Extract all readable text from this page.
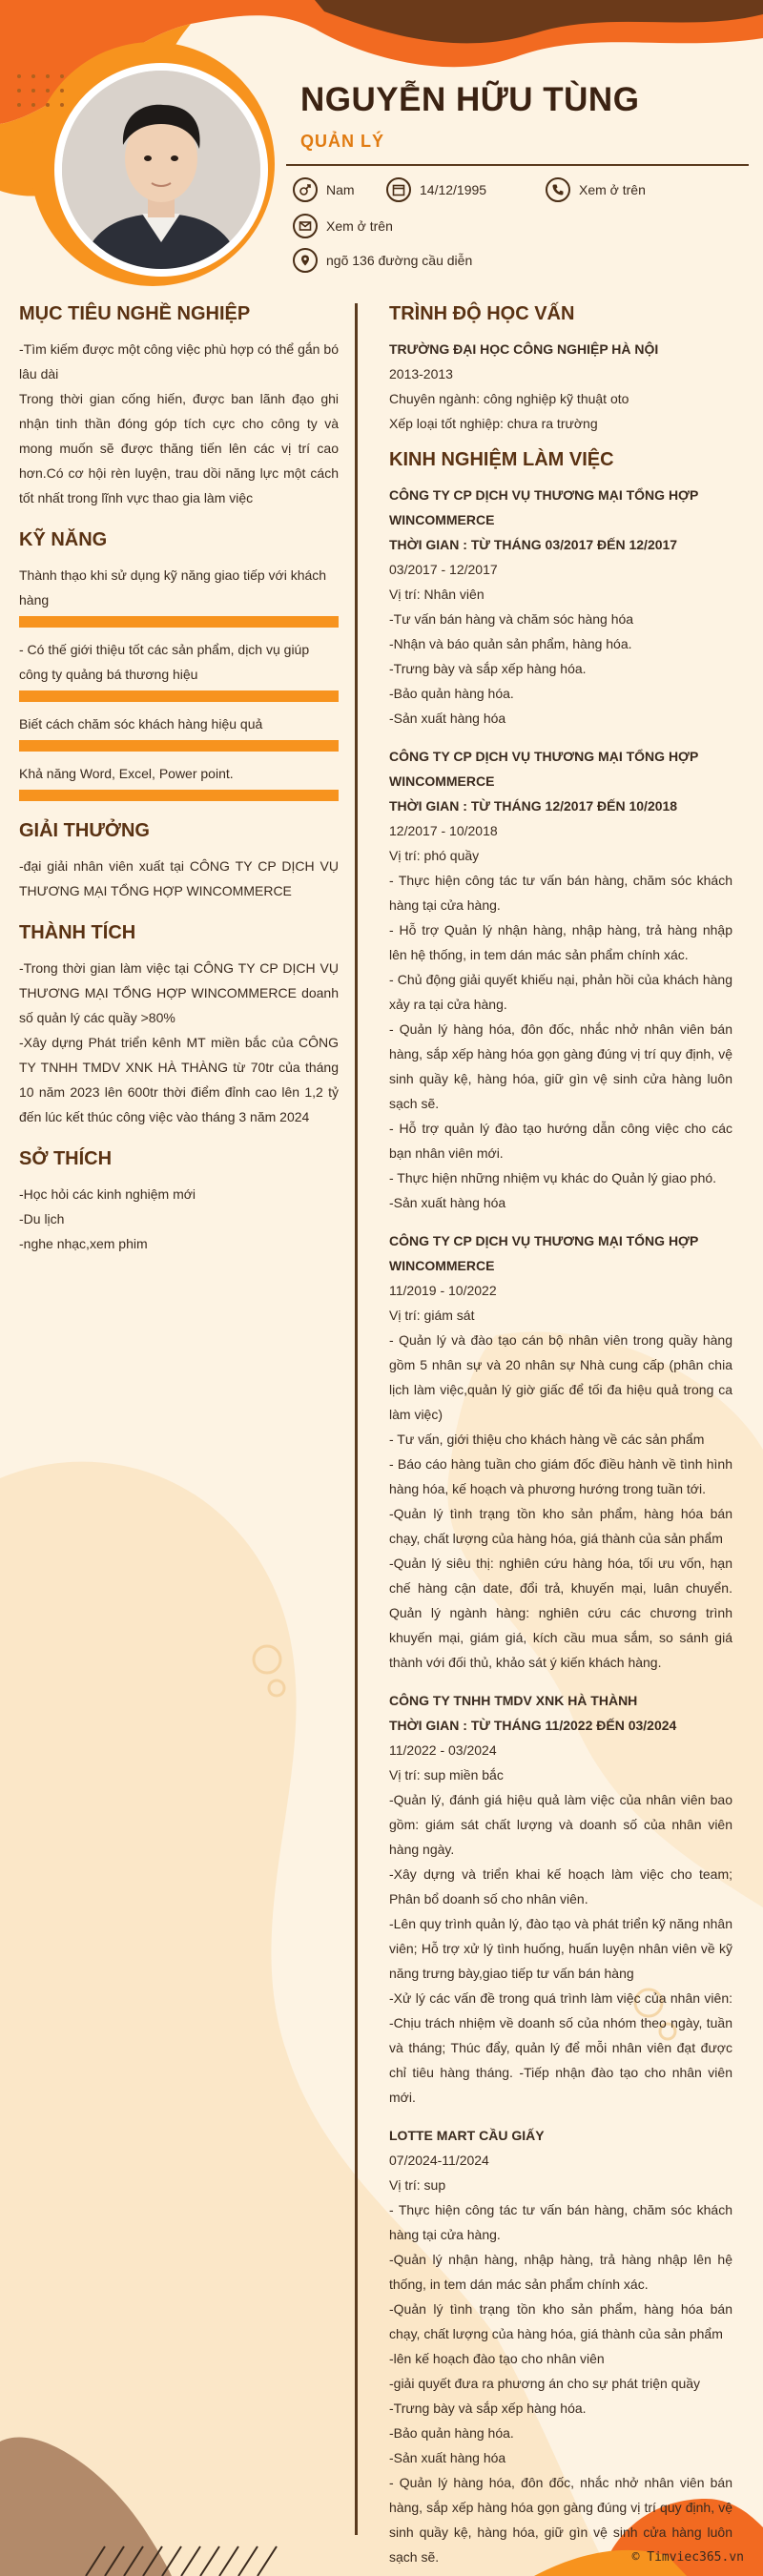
NGUYỄN HỮU TÙNG
QUẢN LÝ
Nam	14/12/1995	Xem ở trên
Xem ở trên
ngõ 136 đường cầu diễn
MỤC TIÊU NGHỀ NGHIỆP

-Tìm kiếm được một công việc phù hợp có thể gắn bó lâu dài

Trong thời gian cống hiến, được ban lãnh đạo ghi nhận tinh thần đóng góp tích cực cho công ty và mong muốn sẽ được thăng tiến lên các vị trí cao hơn.Có cơ hội rèn luyện, trau dồi năng lực một cách tốt nhất trong lĩnh vực thao gia làm việc

KỸ NĂNG
Thành thạo khi sử dụng kỹ năng giao tiếp với khách hàng
- Có thế giới thiệu tốt các sản phẩm, dịch vụ giúp công ty quảng bá thương hiệu
Biết cách chăm sóc khách hàng hiệu quả
Khả năng Word, Excel, Power point.
GIẢI THƯỞNG

-đại giải nhân viên xuất tại CÔNG TY CP DỊCH VỤ THƯƠNG MẠI TỔNG HỢP WINCOMMERCE

THÀNH TÍCH

-Trong thời gian làm việc tại CÔNG TY CP DỊCH VỤ THƯƠNG MẠI TỔNG HỢP WINCOMMERCE doanh số quản lý các quầy >80%

-Xây dựng Phát triển kênh MT miền bắc của CÔNG TY TNHH TMDV XNK HÀ THÀNG từ 70tr của tháng 10 năm 2023 lên 600tr thời điểm đỉnh cao lên 1,2 tỷ đến lúc kết thúc công việc vào tháng 3 năm 2024

SỞ THÍCH

-Học hỏi các kinh nghiệm mới

-Du lịch

-nghe nhạc,xem phim

TRÌNH ĐỘ HỌC VẤN
TRƯỜNG ĐẠI HỌC CÔNG NGHIỆP HÀ NỘI

2013-2013

Chuyên ngành: công nghiệp kỹ thuật oto

Xếp loại tốt nghiệp: chưa ra trường

KINH NGHIỆM LÀM VIỆC
CÔNG TY CP DỊCH VỤ THƯƠNG MẠI TỔNG HỢP WINCOMMERCE
THỜI GIAN : TỪ THÁNG 03/2017 ĐẾN 12/2017

03/2017 - 12/2017

Vị trí: Nhân viên

-Tư vấn bán hàng và chăm sóc hàng hóa

-Nhận và báo quản sản phẩm, hàng hóa.

-Trưng bày và sắp xếp hàng hóa.

-Bảo quản hàng hóa.

-Sản xuất hàng hóa

CÔNG TY CP DỊCH VỤ THƯƠNG MẠI TỔNG HỢP WINCOMMERCE
THỜI GIAN : TỪ THÁNG 12/2017 ĐẾN 10/2018

12/2017 - 10/2018

Vị trí: phó quầy

- Thực hiện công tác tư vấn bán hàng, chăm sóc khách hàng tại cửa hàng.

- Hỗ trợ Quản lý nhận hàng, nhập hàng, trả hàng nhập lên hệ thống, in tem dán mác sản phẩm chính xác.

- Chủ động giải quyết khiếu nại, phản hồi của khách hàng xảy ra tại cửa hàng.

- Quản lý hàng hóa, đôn đốc, nhắc nhở nhân viên bán hàng, sắp xếp hàng hóa gọn gàng đúng vị trí quy định, vệ sinh quầy kệ, hàng hóa, giữ gìn vệ sinh cửa hàng luôn sạch sẽ.

- Hỗ trợ quản lý đào tạo hướng dẫn công việc cho các bạn nhân viên mới.

- Thực hiện những nhiệm vụ khác do Quản lý giao phó.

-Sản xuất hàng hóa

CÔNG TY CP DỊCH VỤ THƯƠNG MẠI TỔNG HỢP WINCOMMERCE

11/2019 - 10/2022

Vị trí: giám sát

- Quản lý và đào tạo cán bộ nhân viên trong quầy hàng gồm 5 nhân sự và 20 nhân sự Nhà cung cấp (phân chia lịch làm việc,quản lý giờ giấc để tối đa hiệu quả trong ca làm việc)

- Tư vấn, giới thiệu cho khách hàng về các sản phẩm

- Báo cáo hàng tuần cho giám đốc điều hành về tình hình hàng hóa, kế hoạch và phương hướng trong tuần tới.

-Quản lý tình trạng tồn kho sản phẩm, hàng hóa bán chạy, chất lượng của hàng hóa, giá thành của sản phẩm

-Quản lý siêu thị: nghiên cứu hàng hóa, tối ưu vốn, hạn chế hàng cận date, đổi trả, khuyến mại, luân chuyển. Quản lý ngành hàng: nghiên cứu các chương trình khuyến mại, giám giá, kích cầu mua sắm, so sánh giá thành với đối thủ, khảo sát ý kiến khách hàng.

CÔNG TY TNHH TMDV XNK HÀ THÀNH
THỜI GIAN : TỪ THÁNG 11/2022 ĐẾN 03/2024

11/2022 - 03/2024

Vị trí: sup miền bắc

-Quản lý, đánh giá hiệu quả làm việc của nhân viên bao gồm: giám sát chất lượng và doanh số của nhân viên hàng ngày.

-Xây dựng và triển khai kế hoạch làm việc cho team; Phân bổ doanh số cho nhân viên.

-Lên quy trình quản lý, đào tạo và phát triển kỹ năng nhân viên; Hỗ trợ xử lý tình huống, huấn luyện nhân viên về kỹ năng trưng bày,giao tiếp tư vấn bán hàng

-Xử lý các vấn đề trong quá trình làm việc của nhân viên: -Chịu trách nhiệm về doanh số của nhóm theo ngày, tuần và tháng; Thúc đẩy, quản lý để mỗi nhân viên đạt được chỉ tiêu hàng tháng. -Tiếp nhận đào tạo cho nhân viên mới.

LOTTE MART CẦU GIẤY

07/2024-11/2024

Vị trí: sup

- Thực hiện công tác tư vấn bán hàng, chăm sóc khách hàng tại cửa hàng.

-Quản lý nhận hàng, nhập hàng, trả hàng nhập lên hệ thống, in tem dán mác sản phẩm chính xác.

-Quản lý tình trạng tồn kho sản phẩm, hàng hóa bán chạy, chất lượng của hàng hóa, giá thành của sản phẩm

-lên kế hoạch đào tạo cho nhân viên

-giải quyết đưa ra phương án cho sự phát triện quầy

-Trưng bày và sắp xếp hàng hóa.

-Bảo quản hàng hóa.

-Sản xuất hàng hóa

- Quản lý hàng hóa, đôn đốc, nhắc nhở nhân viên bán hàng, sắp xếp hàng hóa gọn gàng đúng vị trí quy định, vệ sinh quầy kệ, hàng hóa, giữ gìn vệ sinh cửa hàng luôn sạch sẽ.	© Timviec365.vn
